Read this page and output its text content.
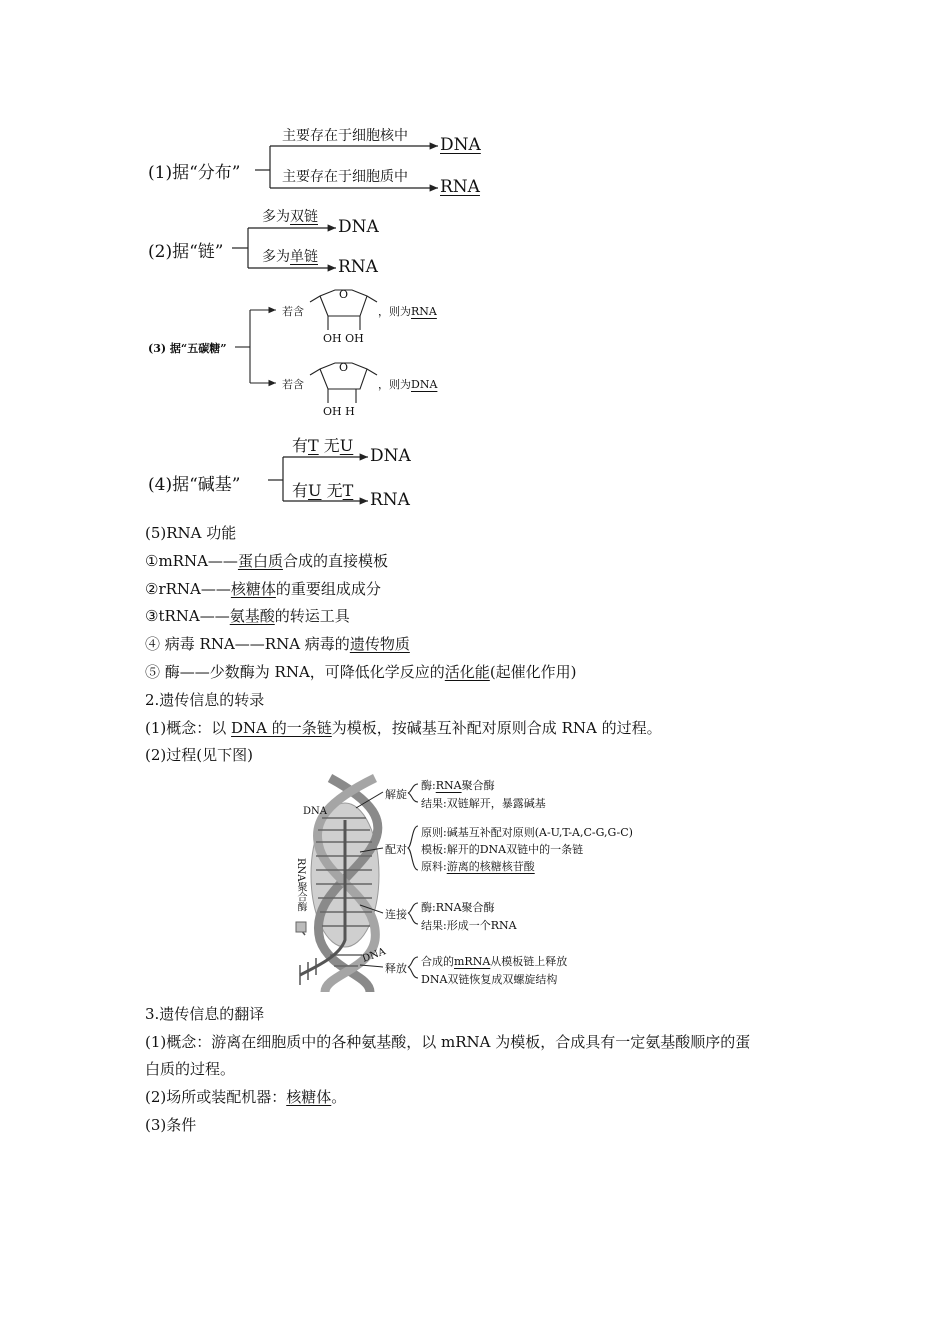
(1)据“分布”
主要存在于细胞核中 DNA
主要存在于细胞质中 RNA
(2)据“链”
多为双链 DNA
多为单链 RNA
(3) 据“五碳糖”
若含
O
OH OH
，则为RNA
若含
O
OH H
，则为DNA
(4)据“碱基”
有T 无U
DNA
有U 无T RNA
(5)RNA 功能
①mRNA——蛋白质合成的直接模板
②rRNA——核糖体的重要组成成分
③tRNA——氨基酸的转运工具
④ 病毒 RNA——RNA 病毒的遗传物质
⑤ 酶——少数酶为 RNA，可降低化学反应的活化能(起催化作用)
2.遗传信息的转录
(1)概念：以 DNA 的一条链为模板，按碱基互补配对原则合成 RNA 的过程。
(2)过程(见下图)
DNA
RNA聚合酶
DNA
解旋
酶:RNA聚合酶
结果:双链解开，暴露碱基
配对
原则:碱基互补配对原则(A-U,T-A,C-G,G-C)
模板:解开的DNA双链中的一条链
原料:游离的核糖核苷酸
连接
酶:RNA聚合酶
结果:形成一个RNA
释放
合成的mRNA从模板链上释放
DNA双链恢复成双螺旋结构
3.遗传信息的翻译
(1)概念：游离在细胞质中的各种氨基酸，以 mRNA 为模板，合成具有一定氨基酸顺序的蛋
白质的过程。
(2)场所或装配机器：核糖体。
(3)条件
